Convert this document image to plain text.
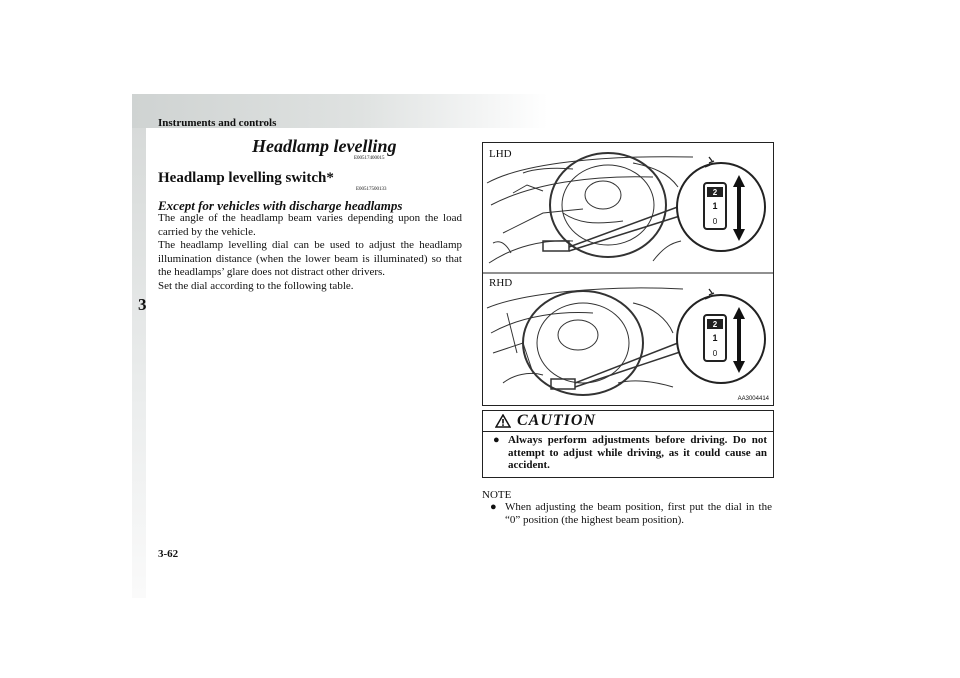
Instruments and controls
3
3-62
Headlamp levelling
E00517400015
Headlamp levelling switch*
E00517500133
Except for vehicles with discharge headlamps

The angle of the headlamp beam varies depending upon the load carried by the vehicle.

The headlamp levelling dial can be used to adjust the headlamp illumination distance (when the lower beam is illuminated) so that the headlamps’ glare does not distract other drivers.

Set the dial according to the following table.

2
1
0
2
1
0
LHD
RHD
AA3004414
CAUTION
● Always perform adjustments before driving. Do not attempt to adjust while driving, as it could cause an accident.
NOTE
● When adjusting the beam position, first put the dial in the “0” position (the highest beam position).
